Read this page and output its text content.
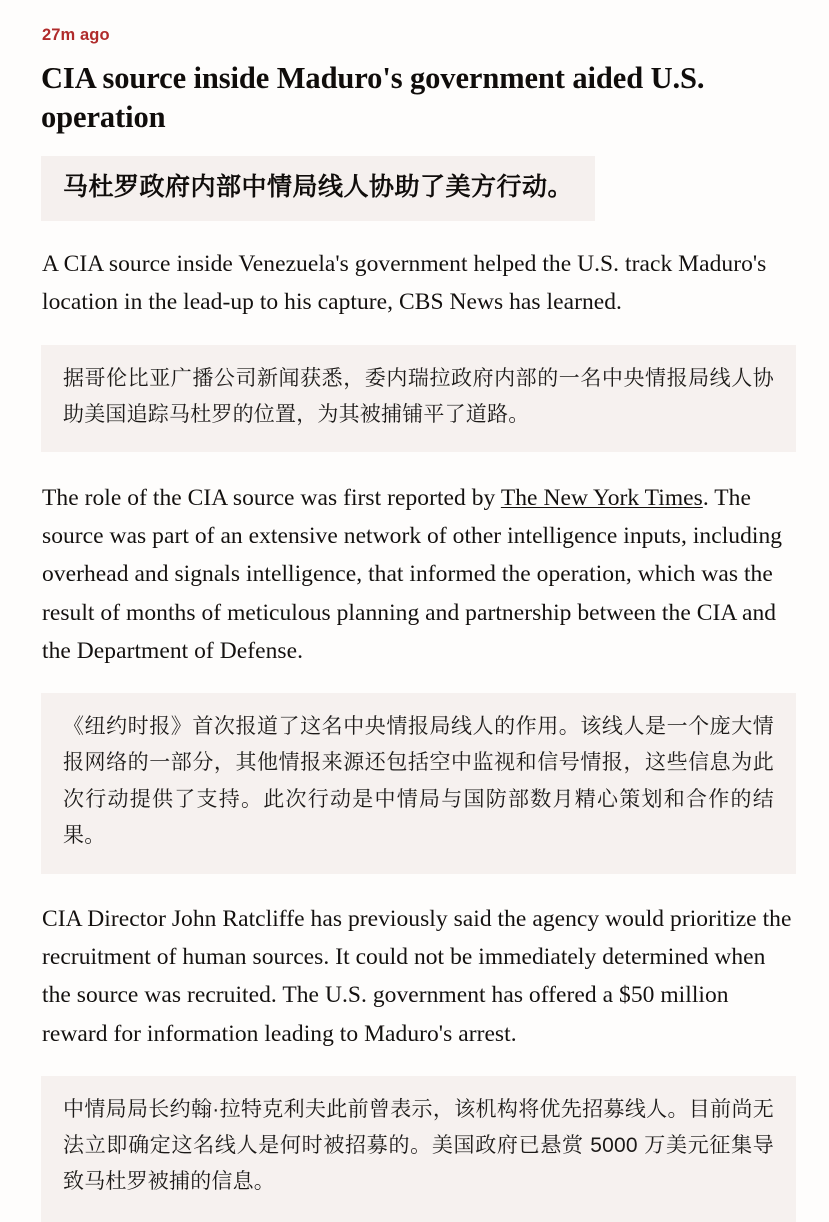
27m ago
CIA source inside Maduro's government aided U.S. operation
马杜罗政府内部中情局线人协助了美方行动。

A CIA source inside Venezuela's government helped the U.S. track Maduro's location in the lead-up to his capture, CBS News has learned.

据哥伦比亚广播公司新闻获悉，委内瑞拉政府内部的一名中央情报局线人协助美国追踪马杜罗的位置，为其被捕铺平了道路。

The role of the CIA source was first reported by The New York Times. The source was part of an extensive network of other intelligence inputs, including overhead and signals intelligence, that informed the operation, which was the result of months of meticulous planning and partnership between the CIA and the Department of Defense.

《纽约时报》首次报道了这名中央情报局线人的作用。该线人是一个庞大情报网络的一部分，其他情报来源还包括空中监视和信号情报，这些信息为此次行动提供了支持。此次行动是中情局与国防部数月精心策划和合作的结果。

CIA Director John Ratcliffe has previously said the agency would prioritize the recruitment of human sources. It could not be immediately determined when the source was recruited. The U.S. government has offered a $50 million reward for information leading to Maduro's arrest.

中情局局长约翰·拉特克利夫此前曾表示，该机构将优先招募线人。目前尚无法立即确定这名线人是何时被招募的。美国政府已悬赏 5000 万美元征集导致马杜罗被捕的信息。
